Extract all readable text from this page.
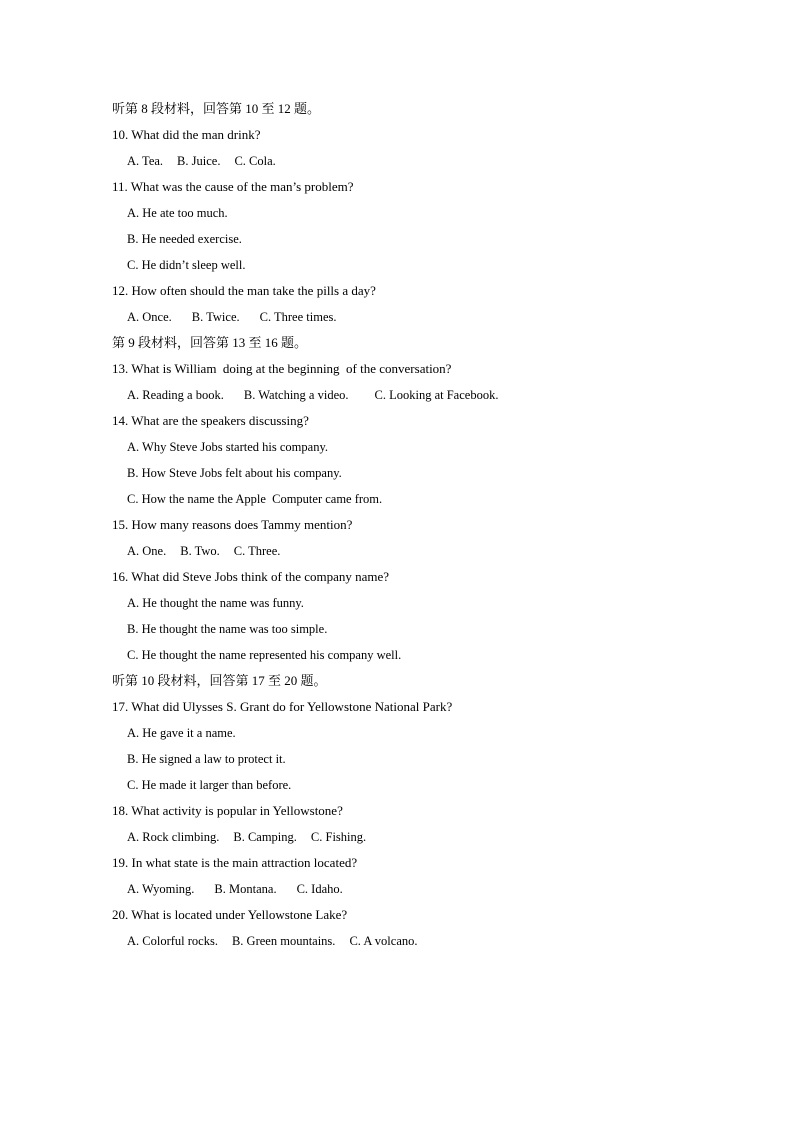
听第 8 段材料，回答第 10 至 12 题。
10. What did the man drink?
A. Tea. B. Juice. C. Cola.
11. What was the cause of the man’s problem?
A. He ate too much.
B. He needed exercise.
C. He didn’t sleep well.
12. How often should the man take the pills a day?
A. Once. B. Twice. C. Three times.
第 9 段材料，回答第 13 至 16 题。
13. What is William  doing at the beginning  of the conversation?
A. Reading a book. B. Watching a video. C. Looking at Facebook.
14. What are the speakers discussing?
A. Why Steve Jobs started his company.
B. How Steve Jobs felt about his company.
C. How the name the Apple  Computer came from.
15. How many reasons does Tammy mention?
A. One. B. Two. C. Three.
16. What did Steve Jobs think of the company name?
A. He thought the name was funny.
B. He thought the name was too simple.
C. He thought the name represented his company well.
听第 10 段材料，回答第 17 至 20 题。
17. What did Ulysses S. Grant do for Yellowstone National Park?
A. He gave it a name.
B. He signed a law to protect it.
C. He made it larger than before.
18. What activity is popular in Yellowstone?
A. Rock climbing. B. Camping. C. Fishing.
19. In what state is the main attraction located?
A. Wyoming. B. Montana. C. Idaho.
20. What is located under Yellowstone Lake?
A. Colorful rocks. B. Green mountains. C. A volcano.
